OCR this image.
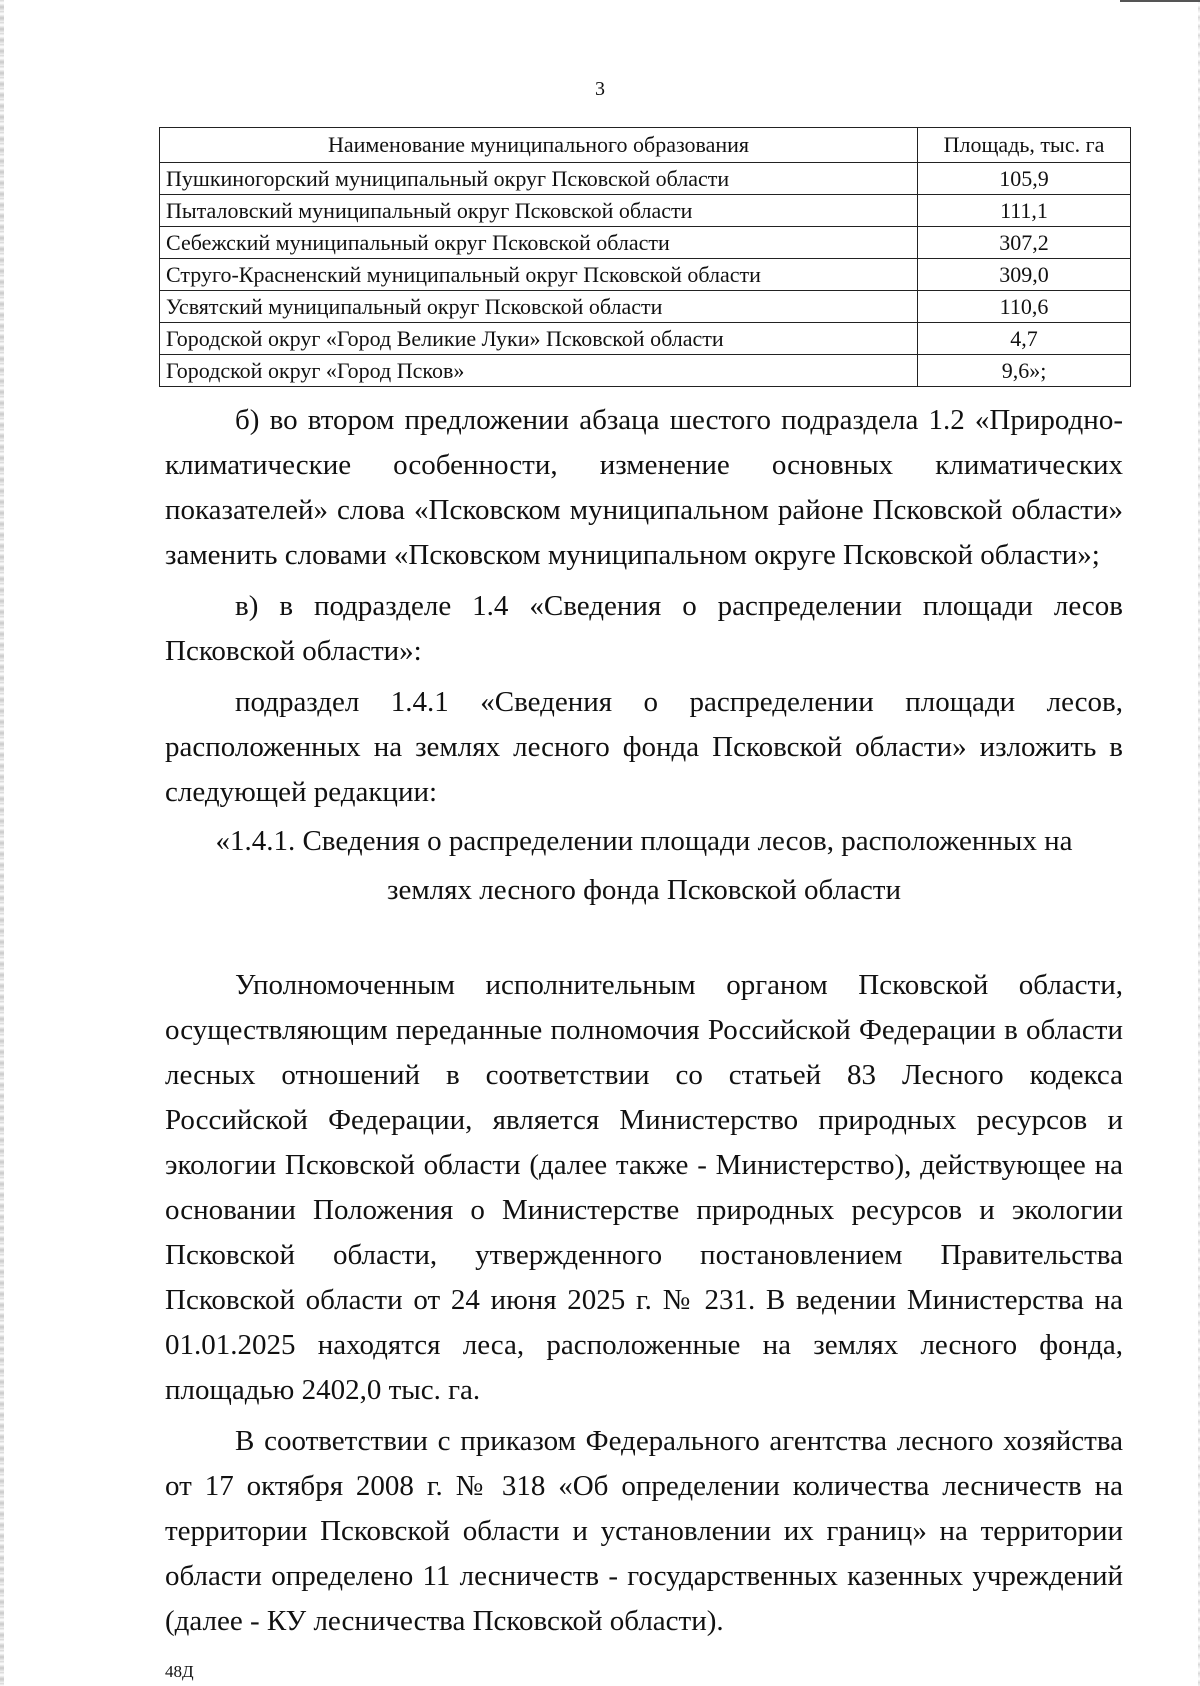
3
Наименование муниципального образования	Площадь, тыс. га
Пушкиногорский муниципальный округ Псковской области	105,9
Пыталовский муниципальный округ Псковской области	111,1
Себежский муниципальный округ Псковской области	307,2
Струго-Красненский муниципальный округ Псковской области	309,0
Усвятский муниципальный округ Псковской области	110,6
Городской округ «Город Великие Луки» Псковской области	4,7
Городской округ «Город Псков»	9,6»;

б) во втором предложении абзаца шестого подраздела 1.2 «Природно-климатические особенности, изменение основных климатических показателей» слова «Псковском муниципальном районе Псковской области» заменить словами «Псковском муниципальном округе Псковской области»;

в) в подразделе 1.4 «Сведения о распределении площади лесов Псковской области»:

подраздел 1.4.1 «Сведения о распределении площади лесов, расположенных на землях лесного фонда Псковской области» изложить в следующей редакции:

«1.4.1. Сведения о распределении площади лесов, расположенных на

землях лесного фонда Псковской области

Уполномоченным исполнительным органом Псковской области, осуществляющим переданные полномочия Российской Федерации в области лесных отношений в соответствии со статьей 83 Лесного кодекса Российской Федерации, является Министерство природных ресурсов и экологии Псковской области (далее также - Министерство), действующее на основании Положения о Министерстве природных ресурсов и экологии Псковской области, утвержденного постановлением Правительства Псковской области от 24 июня 2025 г. № 231. В ведении Министерства на 01.01.2025 находятся леса, расположенные на землях лесного фонда, площадью 2402,0 тыс. га.

В соответствии с приказом Федерального агентства лесного хозяйства от 17 октября 2008 г. № 318 «Об определении количества лесничеств на территории Псковской области и установлении их границ» на территории области определено 11 лесничеств - государственных казенных учреждений (далее - КУ лесничества Псковской области).

48Д
